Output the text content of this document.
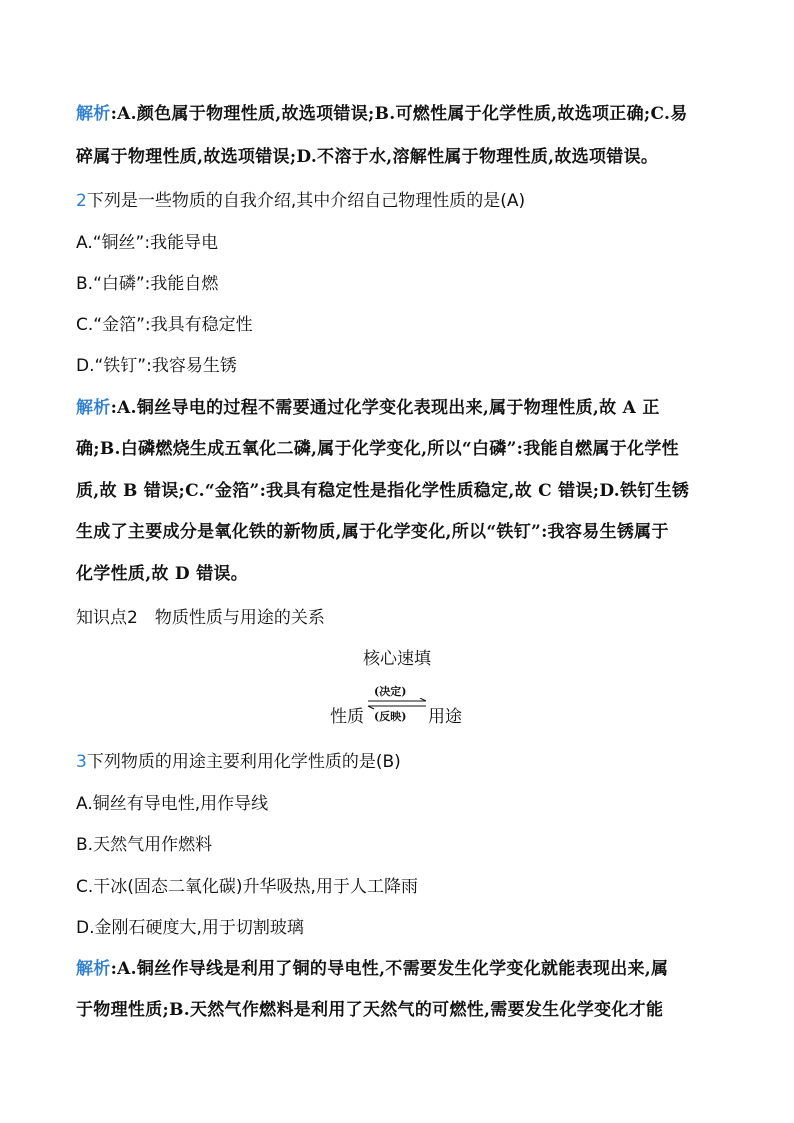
解析:A.颜色属于物理性质,故选项错误;B.可燃性属于化学性质,故选项正确;C.易
碎属于物理性质,故选项错误;D.不溶于水,溶解性属于物理性质,故选项错误。
2下列是一些物质的自我介绍,其中介绍自己物理性质的是(A)
A.“铜丝”:我能导电
B.“白磷”:我能自燃
C.“金箔”:我具有稳定性
D.“铁钉”:我容易生锈
解析:A.铜丝导电的过程不需要通过化学变化表现出来,属于物理性质,故 A 正
确;B.白磷燃烧生成五氧化二磷,属于化学变化,所以“白磷”:我能自燃属于化学性
质,故 B 错误;C.“金箔”:我具有稳定性是指化学性质稳定,故 C 错误;D.铁钉生锈
生成了主要成分是氧化铁的新物质,属于化学变化,所以“铁钉”:我容易生锈属于
化学性质,故 D 错误。
知识点2　物质性质与用途的关系
核心速填
性质
(决定)
(反映) 用途
3下列物质的用途主要利用化学性质的是(B)
A.铜丝有导电性,用作导线
B.天然气用作燃料
C.干冰(固态二氧化碳)升华吸热,用于人工降雨
D.金刚石硬度大,用于切割玻璃
解析:A.铜丝作导线是利用了铜的导电性,不需要发生化学变化就能表现出来,属
于物理性质;B.天然气作燃料是利用了天然气的可燃性,需要发生化学变化才能
